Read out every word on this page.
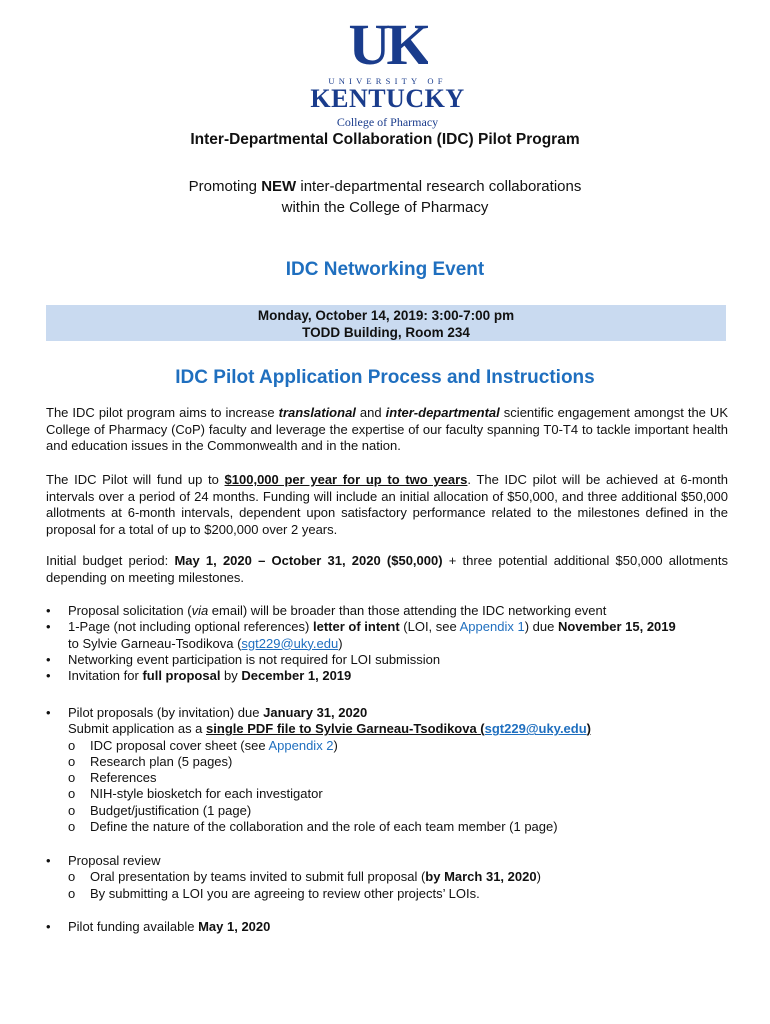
UK
UNIVERSITY OF
KENTUCKY
College of Pharmacy
Inter-Departmental Collaboration (IDC) Pilot Program
Promoting NEW inter-departmental research collaborations
within the College of Pharmacy
IDC Networking Event
Monday, October 14, 2019: 3:00-7:00 pm
TODD Building, Room 234
IDC Pilot Application Process and Instructions
The IDC pilot program aims to increase translational and inter-departmental scientific engagement amongst the UK College of Pharmacy (CoP) faculty and leverage the expertise of our faculty spanning T0-T4 to tackle important health and education issues in the Commonwealth and in the nation.
The IDC Pilot will fund up to $100,000 per year for up to two years. The IDC pilot will be achieved at 6-month intervals over a period of 24 months. Funding will include an initial allocation of $50,000, and three additional $50,000 allotments at 6-month intervals, dependent upon satisfactory performance related to the milestones defined in the proposal for a total of up to $200,000 over 2 years.
Initial budget period: May 1, 2020 – October 31, 2020 ($50,000) + three potential additional $50,000 allotments depending on meeting milestones.
•	Proposal solicitation (via email) will be broader than those attending the IDC networking event
•	1-Page (not including optional references) letter of intent (LOI, see Appendix 1) due November 15, 2019
to Sylvie Garneau-Tsodikova (sgt229@uky.edu)
•	Networking event participation is not required for LOI submission
•	Invitation for full proposal by December 1, 2019
•	Pilot proposals (by invitation) due January 31, 2020
Submit application as a single PDF file to Sylvie Garneau-Tsodikova (sgt229@uky.edu)
o IDC proposal cover sheet (see Appendix 2)
o Research plan (5 pages)
o References
o NIH-style biosketch for each investigator
o Budget/justification (1 page)
o Define the nature of the collaboration and the role of each team member (1 page)
•	Proposal review
o Oral presentation by teams invited to submit full proposal (by March 31, 2020)
o By submitting a LOI you are agreeing to review other projects’ LOIs.
•	Pilot funding available May 1, 2020
